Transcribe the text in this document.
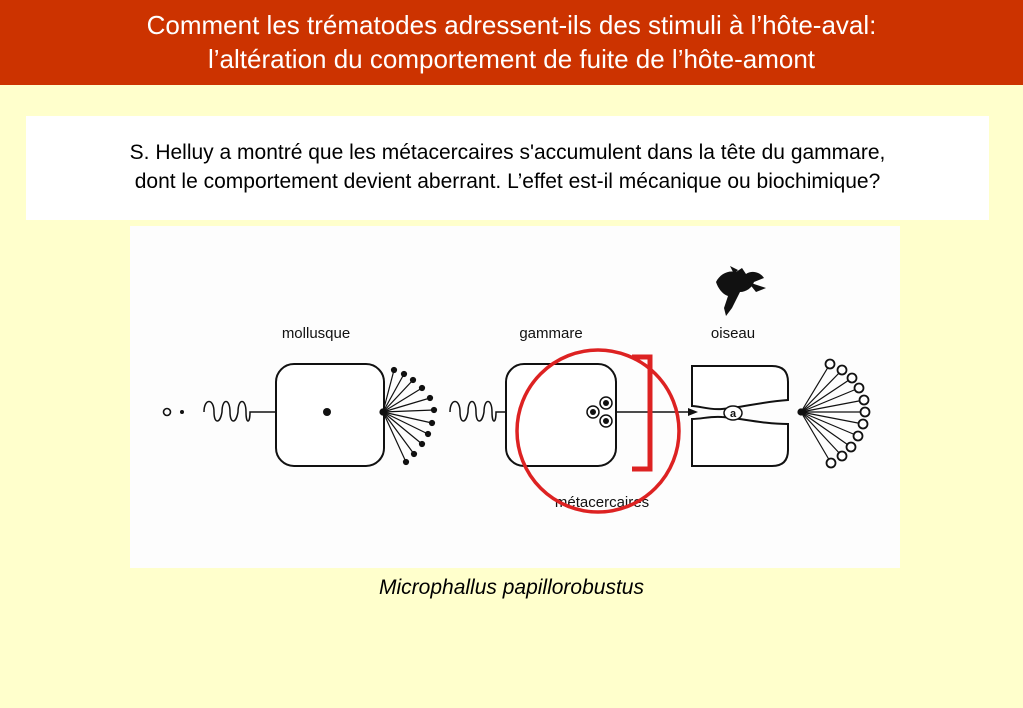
Comment les trématodes adressent-ils des stimuli à l’hôte-aval:
l’altération du comportement de fuite de l’hôte-amont
S. Helluy a montré que les métacercaires s'accumulent dans la tête du gammare,
dont le comportement devient aberrant. L’effet est-il mécanique ou biochimique?
mollusque	gammare	oiseau
a
métacercaires
Microphallus papillorobustus
